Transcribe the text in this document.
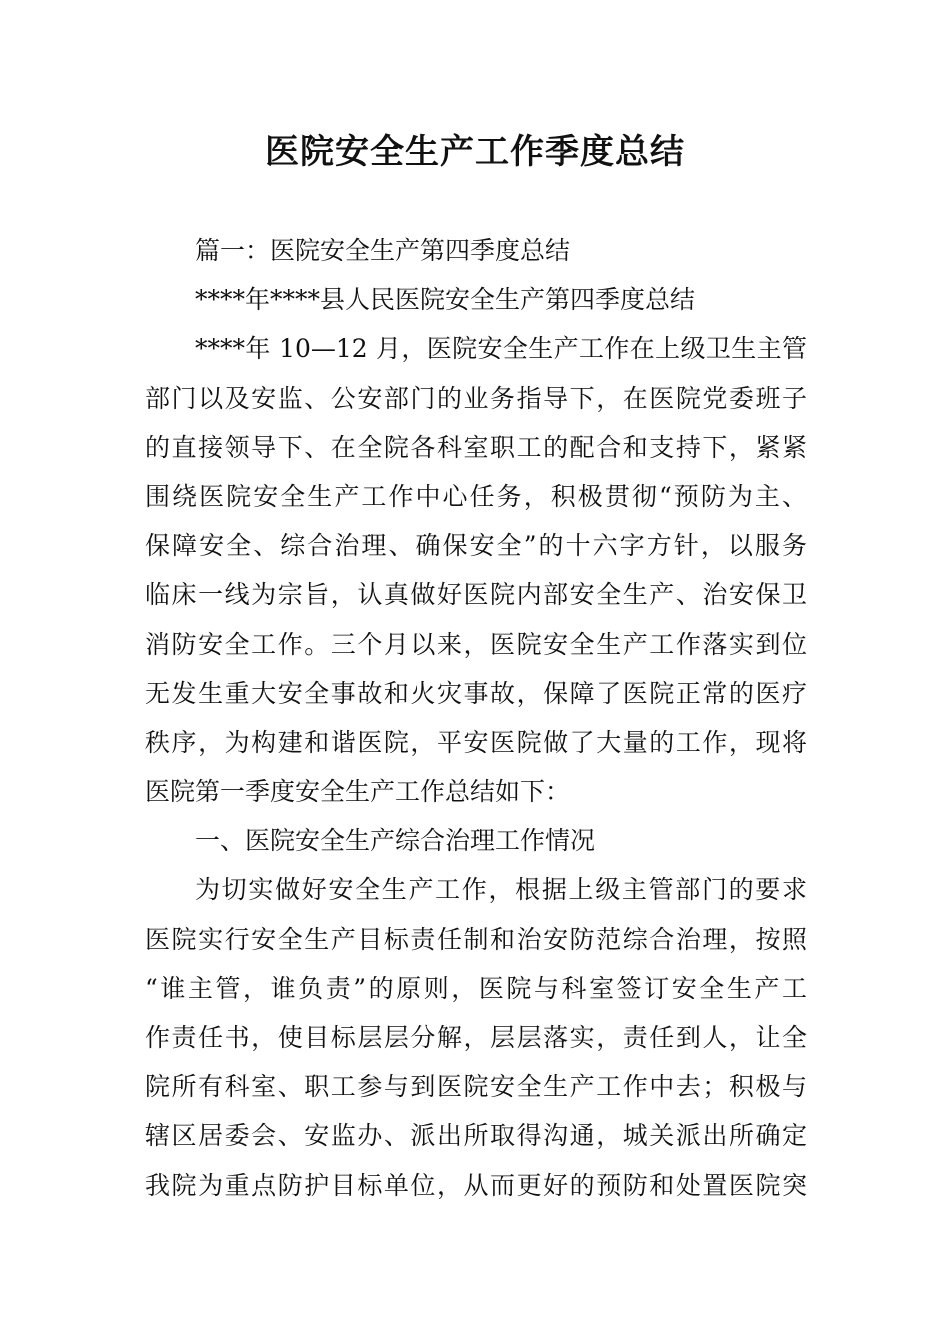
医院安全生产工作季度总结
篇一：医院安全生产第四季度总结
****年****县人民医院安全生产第四季度总结
****年 10—12 月，医院安全生产工作在上级卫生主管
部门以及安监、公安部门的业务指导下，在医院党委班子
的直接领导下、在全院各科室职工的配合和支持下，紧紧
围绕医院安全生产工作中心任务，积极贯彻“预防为主、
保障安全、综合治理、确保安全”的十六字方针，以服务
临床一线为宗旨，认真做好医院内部安全生产、治安保卫
消防安全工作。三个月以来，医院安全生产工作落实到位
无发生重大安全事故和火灾事故，保障了医院正常的医疗
秩序，为构建和谐医院，平安医院做了大量的工作，现将
医院第一季度安全生产工作总结如下：
一、医院安全生产综合治理工作情况
为切实做好安全生产工作，根据上级主管部门的要求
医院实行安全生产目标责任制和治安防范综合治理，按照
“谁主管，谁负责”的原则，医院与科室签订安全生产工
作责任书，使目标层层分解，层层落实，责任到人，让全
院所有科室、职工参与到医院安全生产工作中去；积极与
辖区居委会、安监办、派出所取得沟通，城关派出所确定
我院为重点防护目标单位，从而更好的预防和处置医院突
